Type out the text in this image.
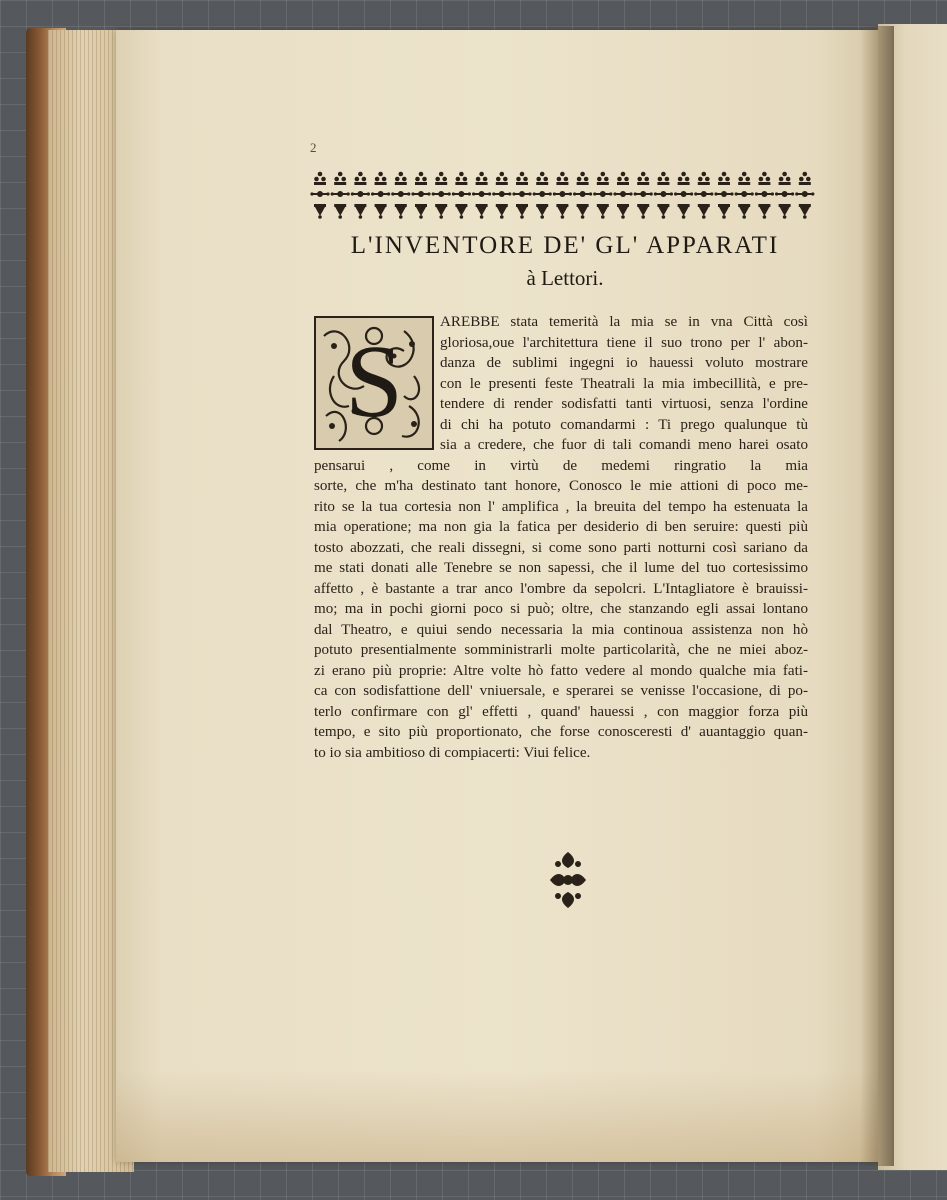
2
L'INVENTORE DE' GL' APPARATI
à Lettori.
S
AREBBE stata temerità la mia se in vna Città così
gloriosa,oue l'architettura tiene il suo trono per l' abon-
danza de sublimi ingegni io hauessi voluto mostrare
con le presenti feste Theatrali la mia imbecillità, e pre-
tendere di render sodisfatti tanti virtuosi, senza l'ordine
di chi ha potuto comandarmi : Ti prego qualunque tù
sia a credere, che fuor di tali comandi meno harei osato
pensarui , come in virtù de medemi ringratio la mia
sorte, che m'ha destinato tant honore, Conosco le mie attioni di poco me-
rito se la tua cortesia non l' amplifica , la breuita del tempo ha estenuata la
mia operatione; ma non gia la fatica per desiderio di ben seruire: questi più
tosto abozzati, che reali dissegni, si come sono parti notturni così sariano da
me stati donati alle Tenebre se non sapessi, che il lume del tuo cortesissimo
affetto , è bastante a trar anco l'ombre da sepolcri. L'Intagliatore è brauissi-
mo; ma in pochi giorni poco si può; oltre, che stanzando egli assai lontano
dal Theatro, e quiui sendo necessaria la mia continoua assistenza non hò
potuto presentialmente somministrarli molte particolarità, che ne miei aboz-
zi erano più proprie: Altre volte hò fatto vedere al mondo qualche mia fati-
ca con sodisfattione dell' vniuersale, e sperarei se venisse l'occasione, di po-
terlo confirmare con gl' effetti , quand' hauessi , con maggior forza più
tempo, e sito più proportionato, che forse conosceresti d' auantaggio quan-
to io sia ambitioso di compiacerti: Viui felice.
